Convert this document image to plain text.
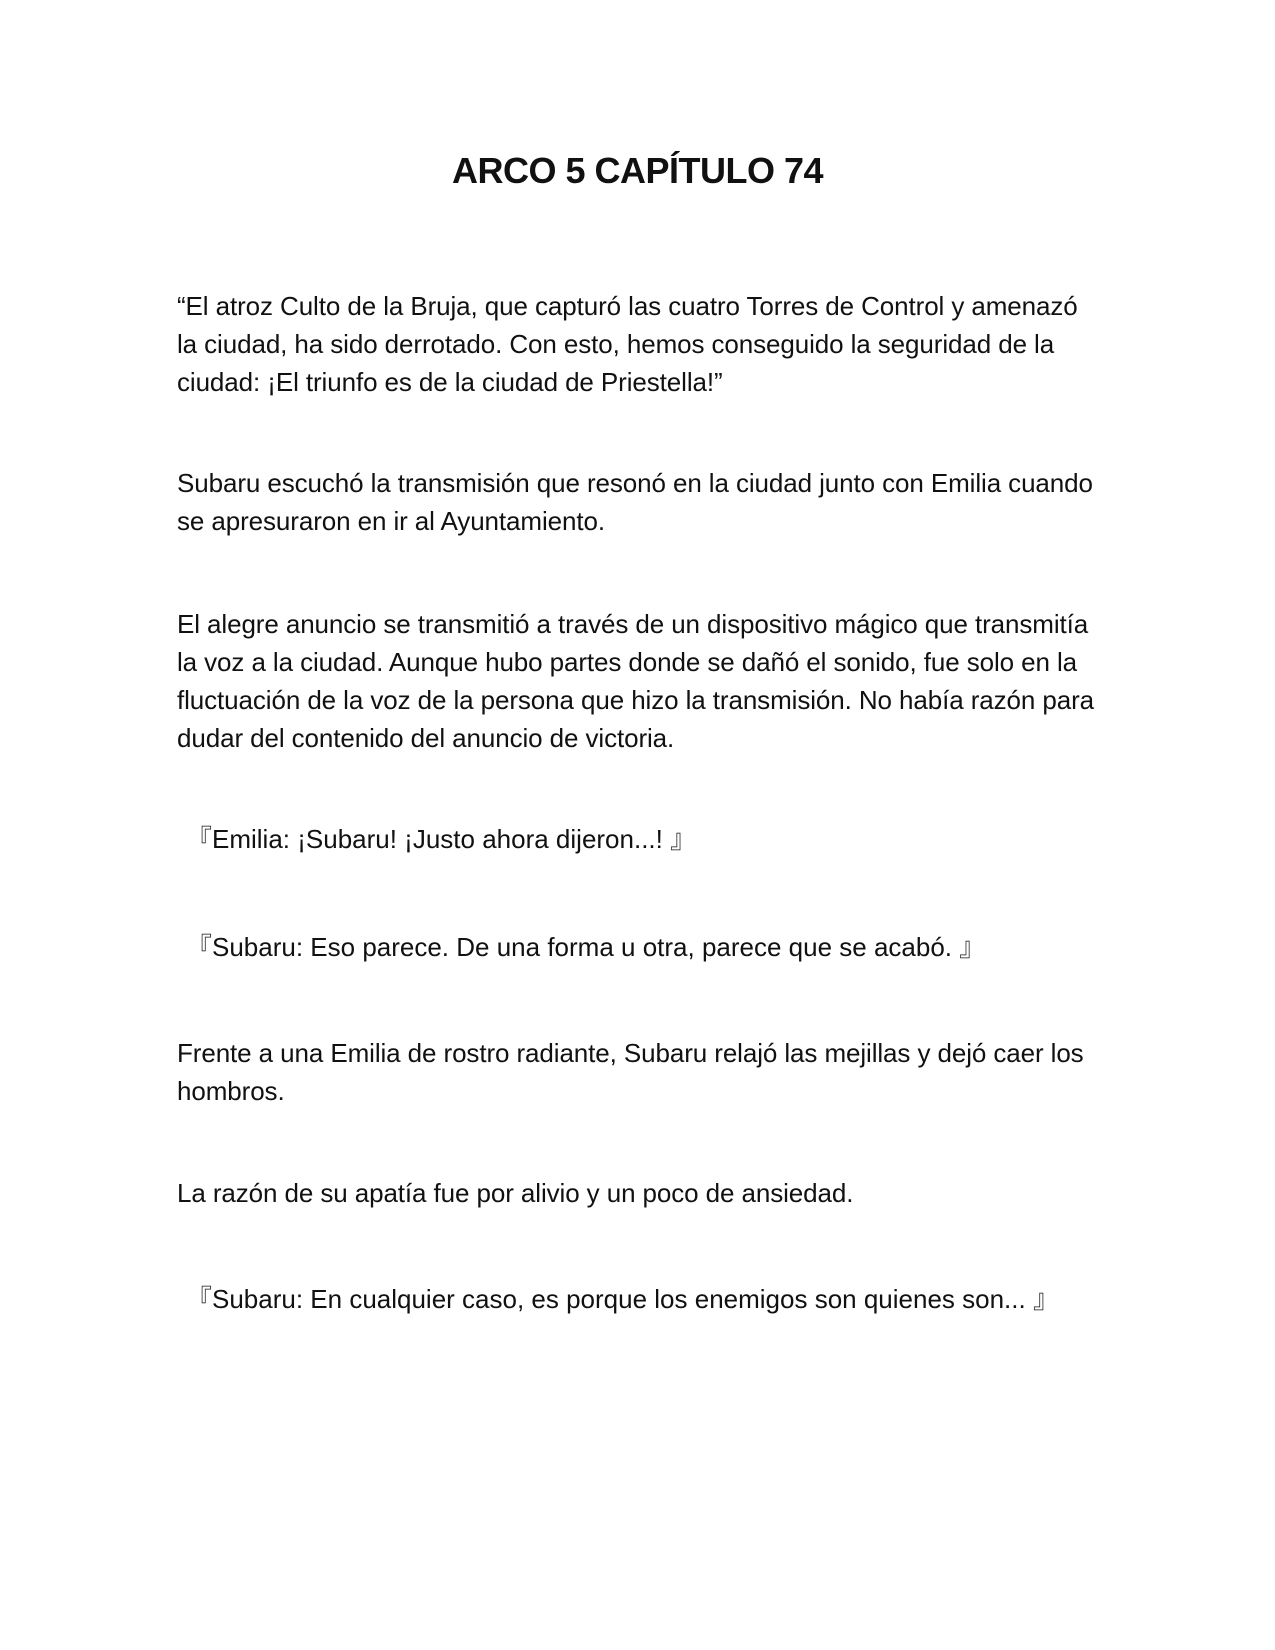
ARCO 5 CAPÍTULO 74

“El atroz Culto de la Bruja, que capturó las cuatro Torres de Control y amenazó la ciudad, ha sido derrotado. Con esto, hemos conseguido la seguridad de la ciudad: ¡El triunfo es de la ciudad de Priestella!”

Subaru escuchó la transmisión que resonó en la ciudad junto con Emilia cuando se apresuraron en ir al Ayuntamiento.

El alegre anuncio se transmitió a través de un dispositivo mágico que transmitía la voz a la ciudad. Aunque hubo partes donde se dañó el sonido, fue solo en la fluctuación de la voz de la persona que hizo la transmisión. No había razón para dudar del contenido del anuncio de victoria.

『Emilia: ¡Subaru! ¡Justo ahora dijeron...! 』

『Subaru: Eso parece. De una forma u otra, parece que se acabó. 』

Frente a una Emilia de rostro radiante, Subaru relajó las mejillas y dejó caer los hombros.

La razón de su apatía fue por alivio y un poco de ansiedad.

『Subaru: En cualquier caso, es porque los enemigos son quienes son... 』
